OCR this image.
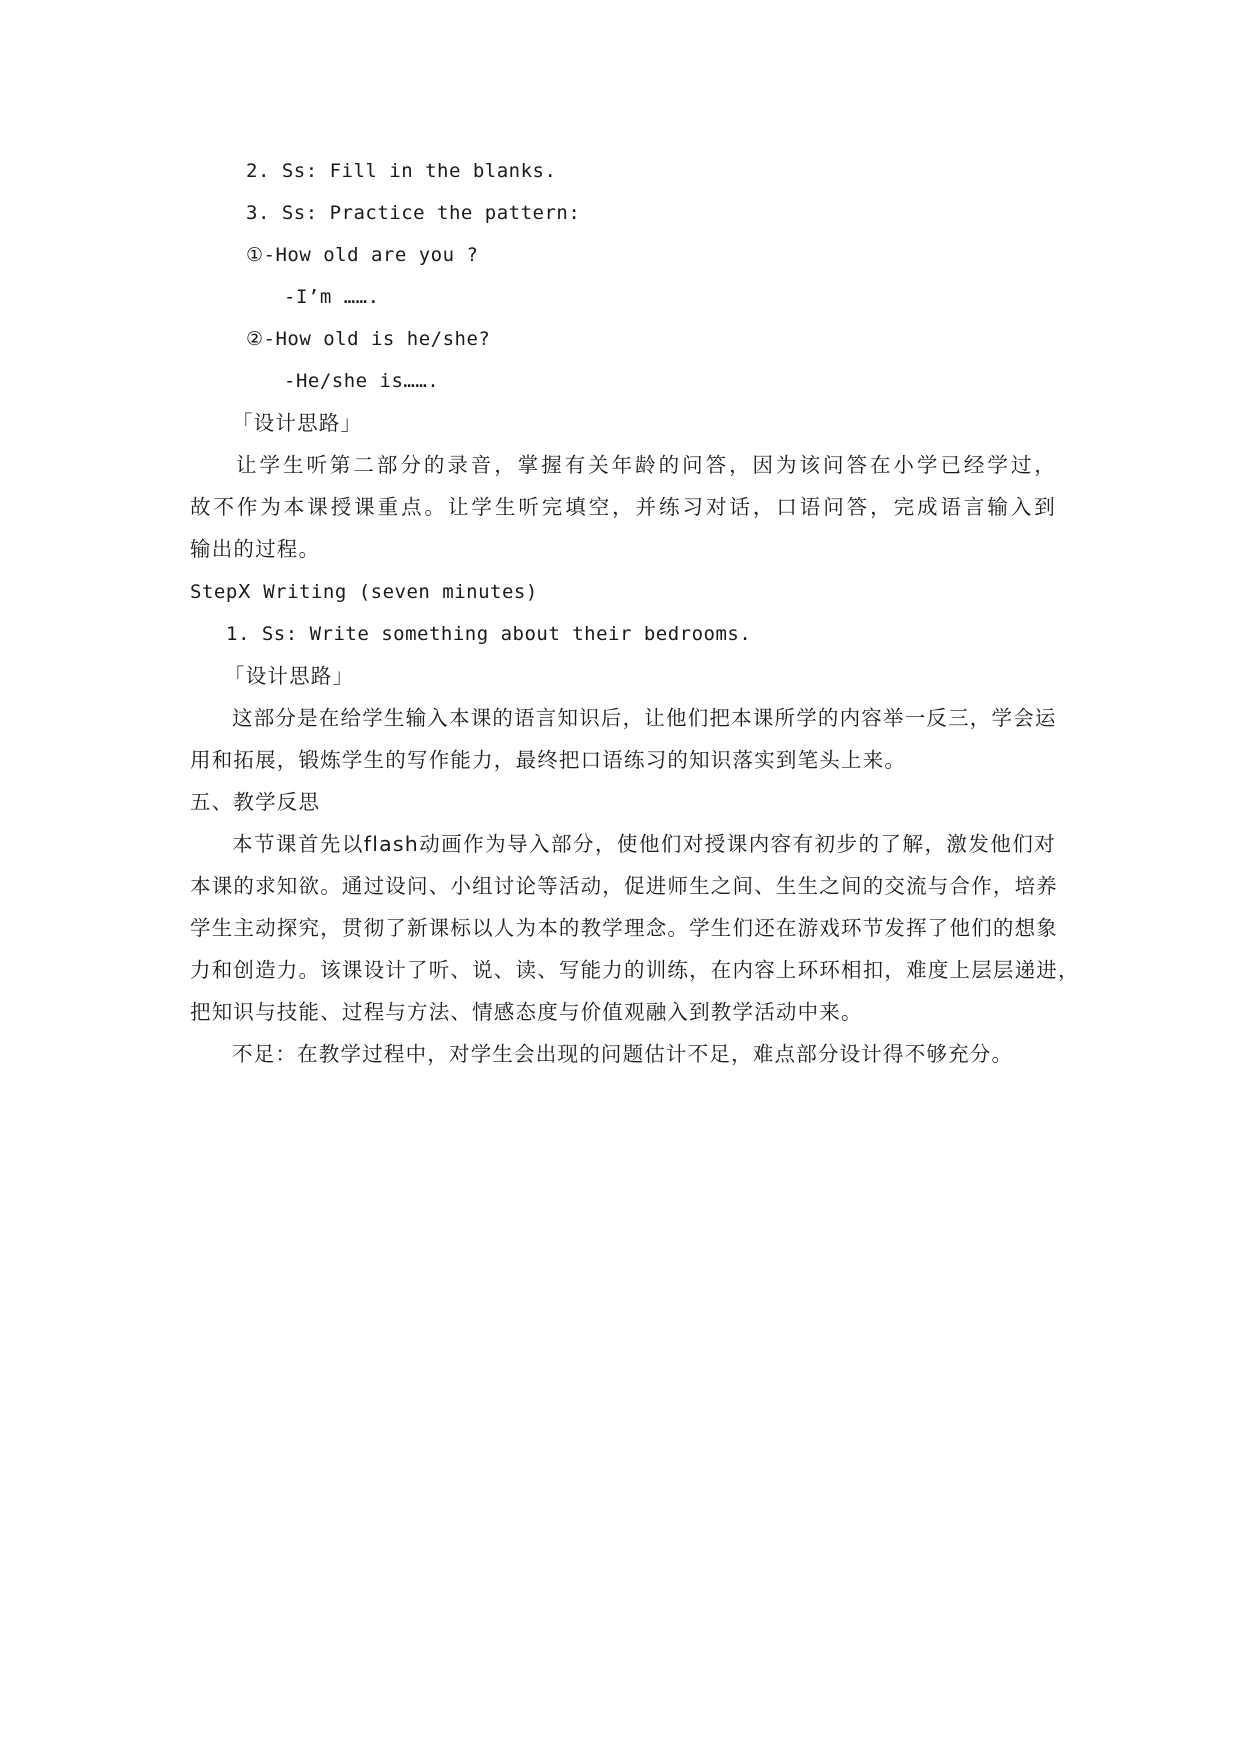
2. Ss: Fill in the blanks.
3. Ss: Practice the pattern:
①-How old are you ?
-I’m …….
②-How old is he/she?
-He/she is…….
「设计思路」
让学生听第二部分的录音，掌握有关年龄的问答，因为该问答在小学已经学过，
故不作为本课授课重点。让学生听完填空，并练习对话，口语问答，完成语言输入到
输出的过程。
StepⅩ Writing (seven minutes)
1. Ss: Write something about their bedrooms.
「设计思路」
这部分是在给学生输入本课的语言知识后，让他们把本课所学的内容举一反三，学会运
用和拓展，锻炼学生的写作能力，最终把口语练习的知识落实到笔头上来。
五、教学反思
本节课首先以flash动画作为导入部分，使他们对授课内容有初步的了解，激发他们对
本课的求知欲。通过设问、小组讨论等活动，促进师生之间、生生之间的交流与合作，培养
学生主动探究，贯彻了新课标以人为本的教学理念。学生们还在游戏环节发挥了他们的想象
力和创造力。该课设计了听、说、读、写能力的训练，在内容上环环相扣，难度上层层递进，
把知识与技能、过程与方法、情感态度与价值观融入到教学活动中来。
不足：在教学过程中，对学生会出现的问题估计不足，难点部分设计得不够充分。
